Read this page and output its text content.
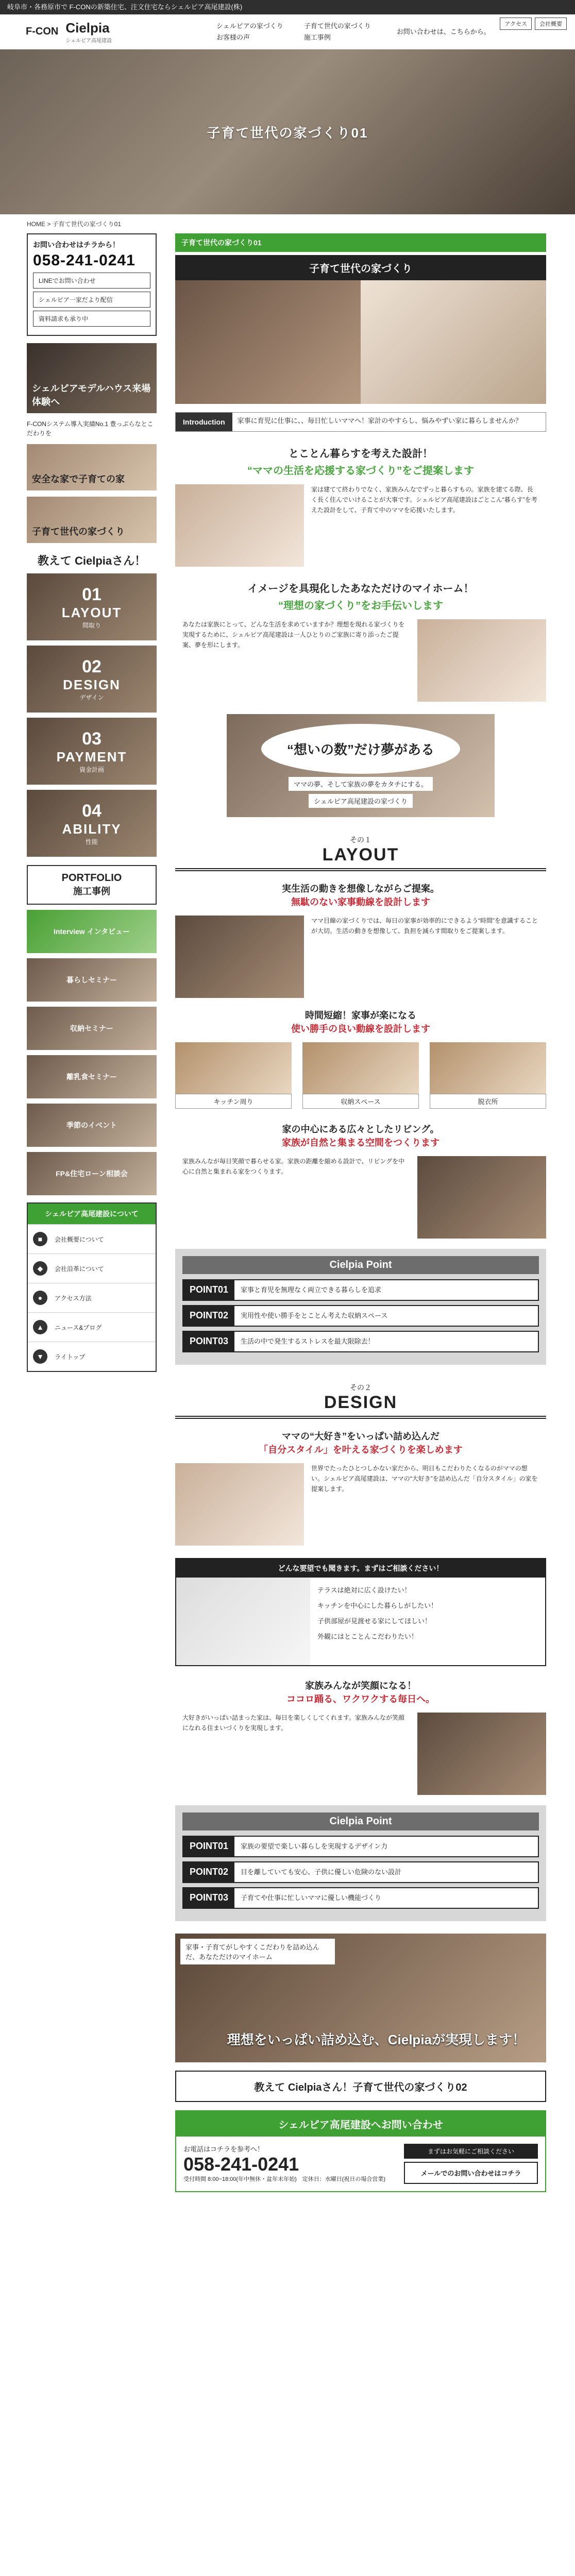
岐阜市・各務原市で F-CONの新築住宅、注文住宅ならシェルピア高尾建設(株)
F-CON Cielpia
シェルピア高尾建設
シェルピアの家づくり
お客様の声
子育て世代の家づくり
施工事例
お問い合わせは、こちらから。
アクセス	会社概要
子育て世代の家づくり01
HOME > 子育て世代の家づくり01
お問い合わせはチラから！
058-241-0241
LINEでお問い合わせ
シェルピア一家だより配信
資料請求も承り中
シェルピアモデルハウス来場体験へ
F-CONシステム導入実績No.1 豊っぷらなとこだわりを
安全な家で子育ての家
子育て世代の家づくり
教えて Cielpiaさん！
01
LAYOUT
間取り
02
DESIGN
デザイン
03
PAYMENT
資金計画
04
ABILITY
性能
PORTFOLIO
施工事例
Interview インタビュー
暮らしセミナー
収納セミナー
離乳食セミナー
季節のイベント
FP&住宅ローン相談会
シェルピア高尾建設について
■	会社概要について
◆	会社沿革について
●	アクセス方法
▲	ニュース&ブログ
▼	ライトップ
子育て世代の家づくり01
子育て世代の家づくり
Introduction	家事に育児に仕事に、、毎日忙しいママへ！家計のやすらし、悩みやずい家に暮らしませんか？
とことん暮らすを考えた設計！
“ママの生活を応援する家づくり”をご提案します
家は建てて終わりでなく、家族みんなでずっと暮らすもの。家族を建てる際、長く長く住んでいけることが大事です。シェルピア高尾建設はごとこん“暮らす”を考えた設計をして、子育て中のママを応援いたします。
イメージを具現化したあなただけのマイホーム！
“理想の家づくり”をお手伝いします
あなたは家族にとって、どんな生活を求めていますか？理想を現れる家づくりを実現するために、シェルピア高尾建設は一人ひとりのご家族に寄り添ったご提案、夢を形にします。
“想いの数”だけ夢がある
ママの夢、そして家族の夢をカタチにする。
シェルピア高尾建設の家づくり
その１
LAYOUT
実生活の動きを想像しながらご提案。
無駄のない家事動線を設計します
ママ目線の家づくりでは、毎日の家事が効率的にできるよう“時間”を意識することが大切。生活の動きを想像して、負担を減らす間取りをご提案します。
時間短縮！家事が楽になる
使い勝手の良い動線を設計します
キッチン周り	収納スペース	脱衣所
家の中心にある広々としたリビング。
家族が自然と集まる空間をつくります
家族みんなが毎日笑顔で暮らせる家。家族の距離を縮める設計で、リビングを中心に自然と集まれる家をつくります。
Cielpia Point
POINT01	家事と育児を無理なく両立できる暮らしを追求
POINT02	実用性や使い勝手をとことん考えた収納スペース
POINT03	生活の中で発生するストレスを最大限除去！
その２
DESIGN
ママの“大好き”をいっぱい詰め込んだ
「自分スタイル」を叶える家づくりを楽しめます
世界でたったひとつしかない家だから、明日もこだわりたくなるのがママの想い。シェルピア高尾建設は、ママの“大好き”を詰め込んだ「自分スタイル」の家を提案します。
どんな要望でも聞きます。まずはご相談ください！
テラスは絶対に広く設けたい！
キッチンを中心にした暮らしがしたい！
子供部屋が見渡せる家にしてほしい！
外観にはとことんこだわりたい！
家族みんなが笑顔になる！
ココロ踊る、ワクワクする毎日へ。
大好きがいっぱい詰まった家は、毎日を楽しくしてくれます。家族みんなが笑顔になれる住まいづくりを実現します。
Cielpia Point
POINT01	家族の要望で楽しい暮らしを実現するデザイン力
POINT02	目を離していても安心、子供に優しい危険のない設計
POINT03	子育てや仕事に忙しいママに優しい機能づくり
家事・子育てがしやすくこだわりを詰め込んだ、あなただけのマイホーム
理想をいっぱい詰め込む、Cielpiaが実現します！
教えて Cielpiaさん！子育て世代の家づくり02
シェルピア高尾建設へお問い合わせ
お電話はコチラを参考へ！
058-241-0241
受付時間 8:00~18:00(年中無休・盆年末年始)　定休日：水曜日(祝日の場合営業)
まずはお気軽にご相談ください
メールでのお問い合わせはコチラ
